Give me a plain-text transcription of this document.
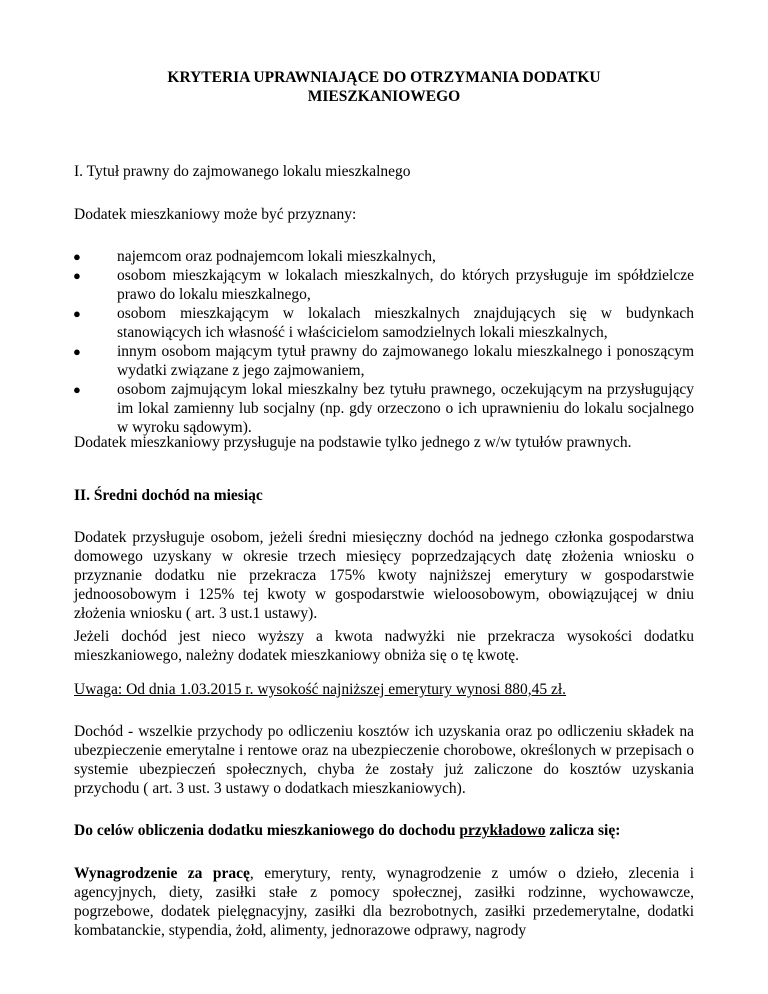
KRYTERIA UPRAWNIAJĄCE DO OTRZYMANIA DODATKU
MIESZKANIOWEGO

I. Tytuł prawny do zajmowanego lokalu mieszkalnego

Dodatek mieszkaniowy może być przyznany:

● najemcom oraz podnajemcom lokali mieszkalnych,
● osobom mieszkającym w lokalach mieszkalnych, do których przysługuje im spółdzielcze prawo do lokalu mieszkalnego,
● osobom mieszkającym w lokalach mieszkalnych znajdujących się w budynkach stanowiących ich własność i właścicielom samodzielnych lokali mieszkalnych,
● innym osobom mającym tytuł prawny do zajmowanego lokalu mieszkalnego i ponoszącym wydatki związane z jego zajmowaniem,
● osobom zajmującym lokal mieszkalny bez tytułu prawnego, oczekującym na przysługujący im lokal zamienny lub socjalny (np. gdy orzeczono o ich uprawnieniu do lokalu socjalnego w wyroku sądowym).

Dodatek mieszkaniowy przysługuje na podstawie tylko jednego z w/w tytułów prawnych.

II. Średni dochód na miesiąc

Dodatek przysługuje osobom, jeżeli średni miesięczny dochód na jednego członka gospodarstwa domowego uzyskany w okresie trzech miesięcy poprzedzających datę złożenia wniosku o przyznanie dodatku nie przekracza 175% kwoty najniższej emerytury w gospodarstwie jednoosobowym i 125% tej kwoty w gospodarstwie wieloosobowym, obowiązującej w dniu złożenia wniosku ( art. 3 ust.1 ustawy).

Jeżeli dochód jest nieco wyższy a kwota nadwyżki nie przekracza wysokości dodatku mieszkaniowego, należny dodatek mieszkaniowy obniża się o tę kwotę.

Uwaga: Od dnia 1.03.2015 r. wysokość najniższej emerytury wynosi 880,45 zł.

Dochód - wszelkie przychody po odliczeniu kosztów ich uzyskania oraz po odliczeniu składek na ubezpieczenie emerytalne i rentowe oraz na ubezpieczenie chorobowe, określonych w przepisach o systemie ubezpieczeń społecznych, chyba że zostały już zaliczone do kosztów uzyskania przychodu ( art. 3 ust. 3 ustawy o dodatkach mieszkaniowych).

Do celów obliczenia dodatku mieszkaniowego do dochodu przykładowo zalicza się:

Wynagrodzenie za pracę, emerytury, renty, wynagrodzenie z umów o dzieło, zlecenia i agencyjnych, diety, zasiłki stałe z pomocy społecznej, zasiłki rodzinne, wychowawcze, pogrzebowe, dodatek pielęgnacyjny, zasiłki dla bezrobotnych, zasiłki przedemerytalne, dodatki kombatanckie, stypendia, żołd, alimenty, jednorazowe odprawy, nagrody
